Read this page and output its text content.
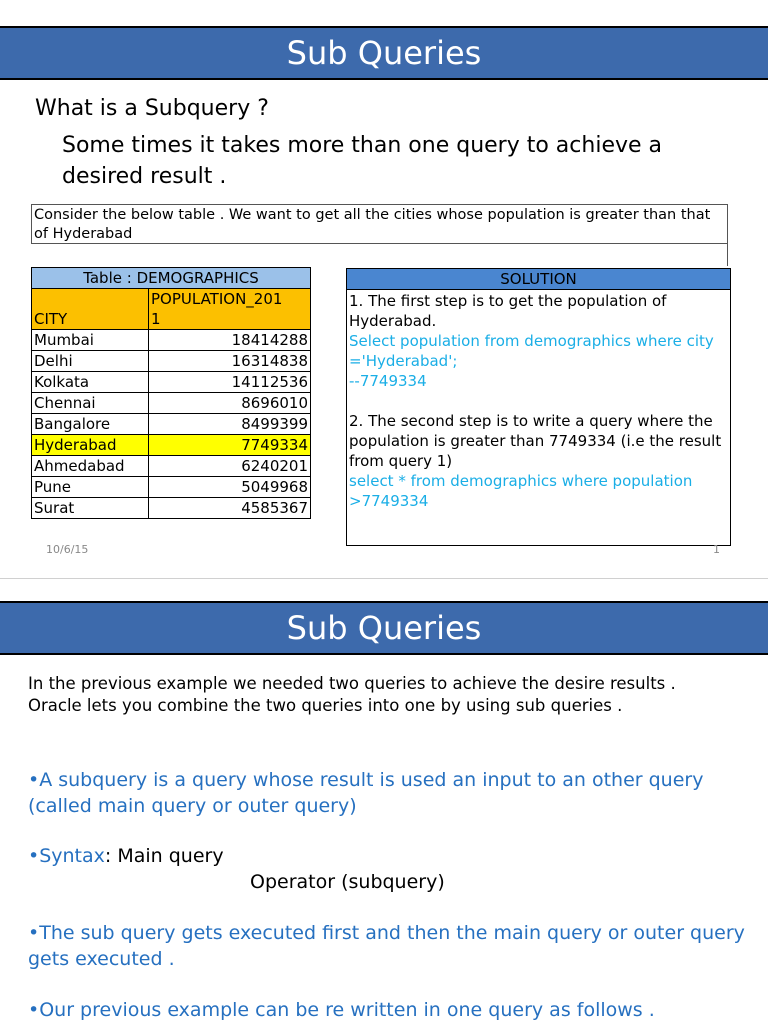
Sub Queries
What is a Subquery ?
Some times it takes more than one query to achieve a desired result .
Consider the below table . We want to get all the cities whose population is greater than that of Hyderabad
Table : DEMOGRAPHICS	
CITY	POPULATION_201
1
Mumbai	18414288
Delhi	16314838
Kolkata	14112536
Chennai	8696010
Bangalore	8499399
Hyderabad	7749334
Ahmedabad	6240201
Pune	5049968
Surat	4585367
SOLUTION
1. The first step is to get the population of Hyderabad.
Select population from demographics where city ='Hyderabad';
--7749334
2. The second step is to write a query where the population is greater than 7749334 (i.e the result from query 1)
select * from demographics where population >7749334
10/6/15	1
Sub Queries
In the previous example we needed two queries to achieve the desire results .
Oracle lets you combine the two queries into one by using sub queries .
•A subquery is a query whose result is used an input to an other query (called main query or outer query)
•Syntax: Main query
Operator (subquery)
•The sub query gets executed first and then the main query or outer query gets executed .
•Our previous example can be re written in one query as follows .
